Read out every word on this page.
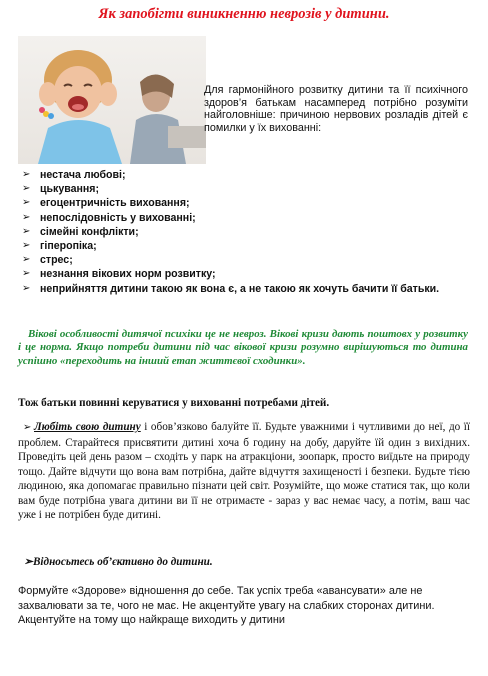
Як запобігти виникненню неврозів у дитини.
Для гармонійного розвитку дитини та її психічного здоров’я батькам насамперед потрібно розуміти найголовніше: причиною нервових розладів дітей є помилки у їх вихованні:
➢ нестача любові;
➢ цькування;
➢ егоцентричність виховання;
➢ непослідовність у вихованні;
➢ сімейні конфлікти;
➢ гіперопіка;
➢ стрес;
➢ незнання вікових норм розвитку;
➢ неприйняття дитини такою як вона є, а не такою як хочуть бачити її батьки.
Вікові особливості дитячої психіки це не невроз. Вікові кризи дають поштовх у розвитку і це норма. Якщо потреби дитини під час вікової кризи розумно вирішуються то дитина успішно «переходить на інший етап життєвої сходинки».
Тож батьки повинні керуватися у вихованні потребами дітей.
➢ Любіть свою дитину і обов’язково балуйте її. Будьте уважними і чутливими до неї, до її проблем. Старайтеся присвятити дитині хоча б годину на добу, даруйте їй один з вихідних. Проведіть цей день разом – сходіть у парк на атракціони, зоопарк, просто виїдьте на природу тощо. Дайте відчути що вона вам потрібна, дайте відчуття захищеності і безпеки. Будьте тією людиною, яка допомагає правильно пізнати цей світ. Розумійте, що може статися так, що коли вам буде потрібна увага дитини ви її не отримаєте - зараз у вас немає часу, а потім, ваш час уже і не потрібен буде дитині.
➢Відносьтесь об’єктивно до дитини.
Формуйте «Здорове» відношення до себе. Так успіх треба «авансувати» але не захвалювати за те, чого не має. Не акцентуйте увагу на слабких сторонах дитини. Акцентуйте на тому що найкраще виходить у дитини
